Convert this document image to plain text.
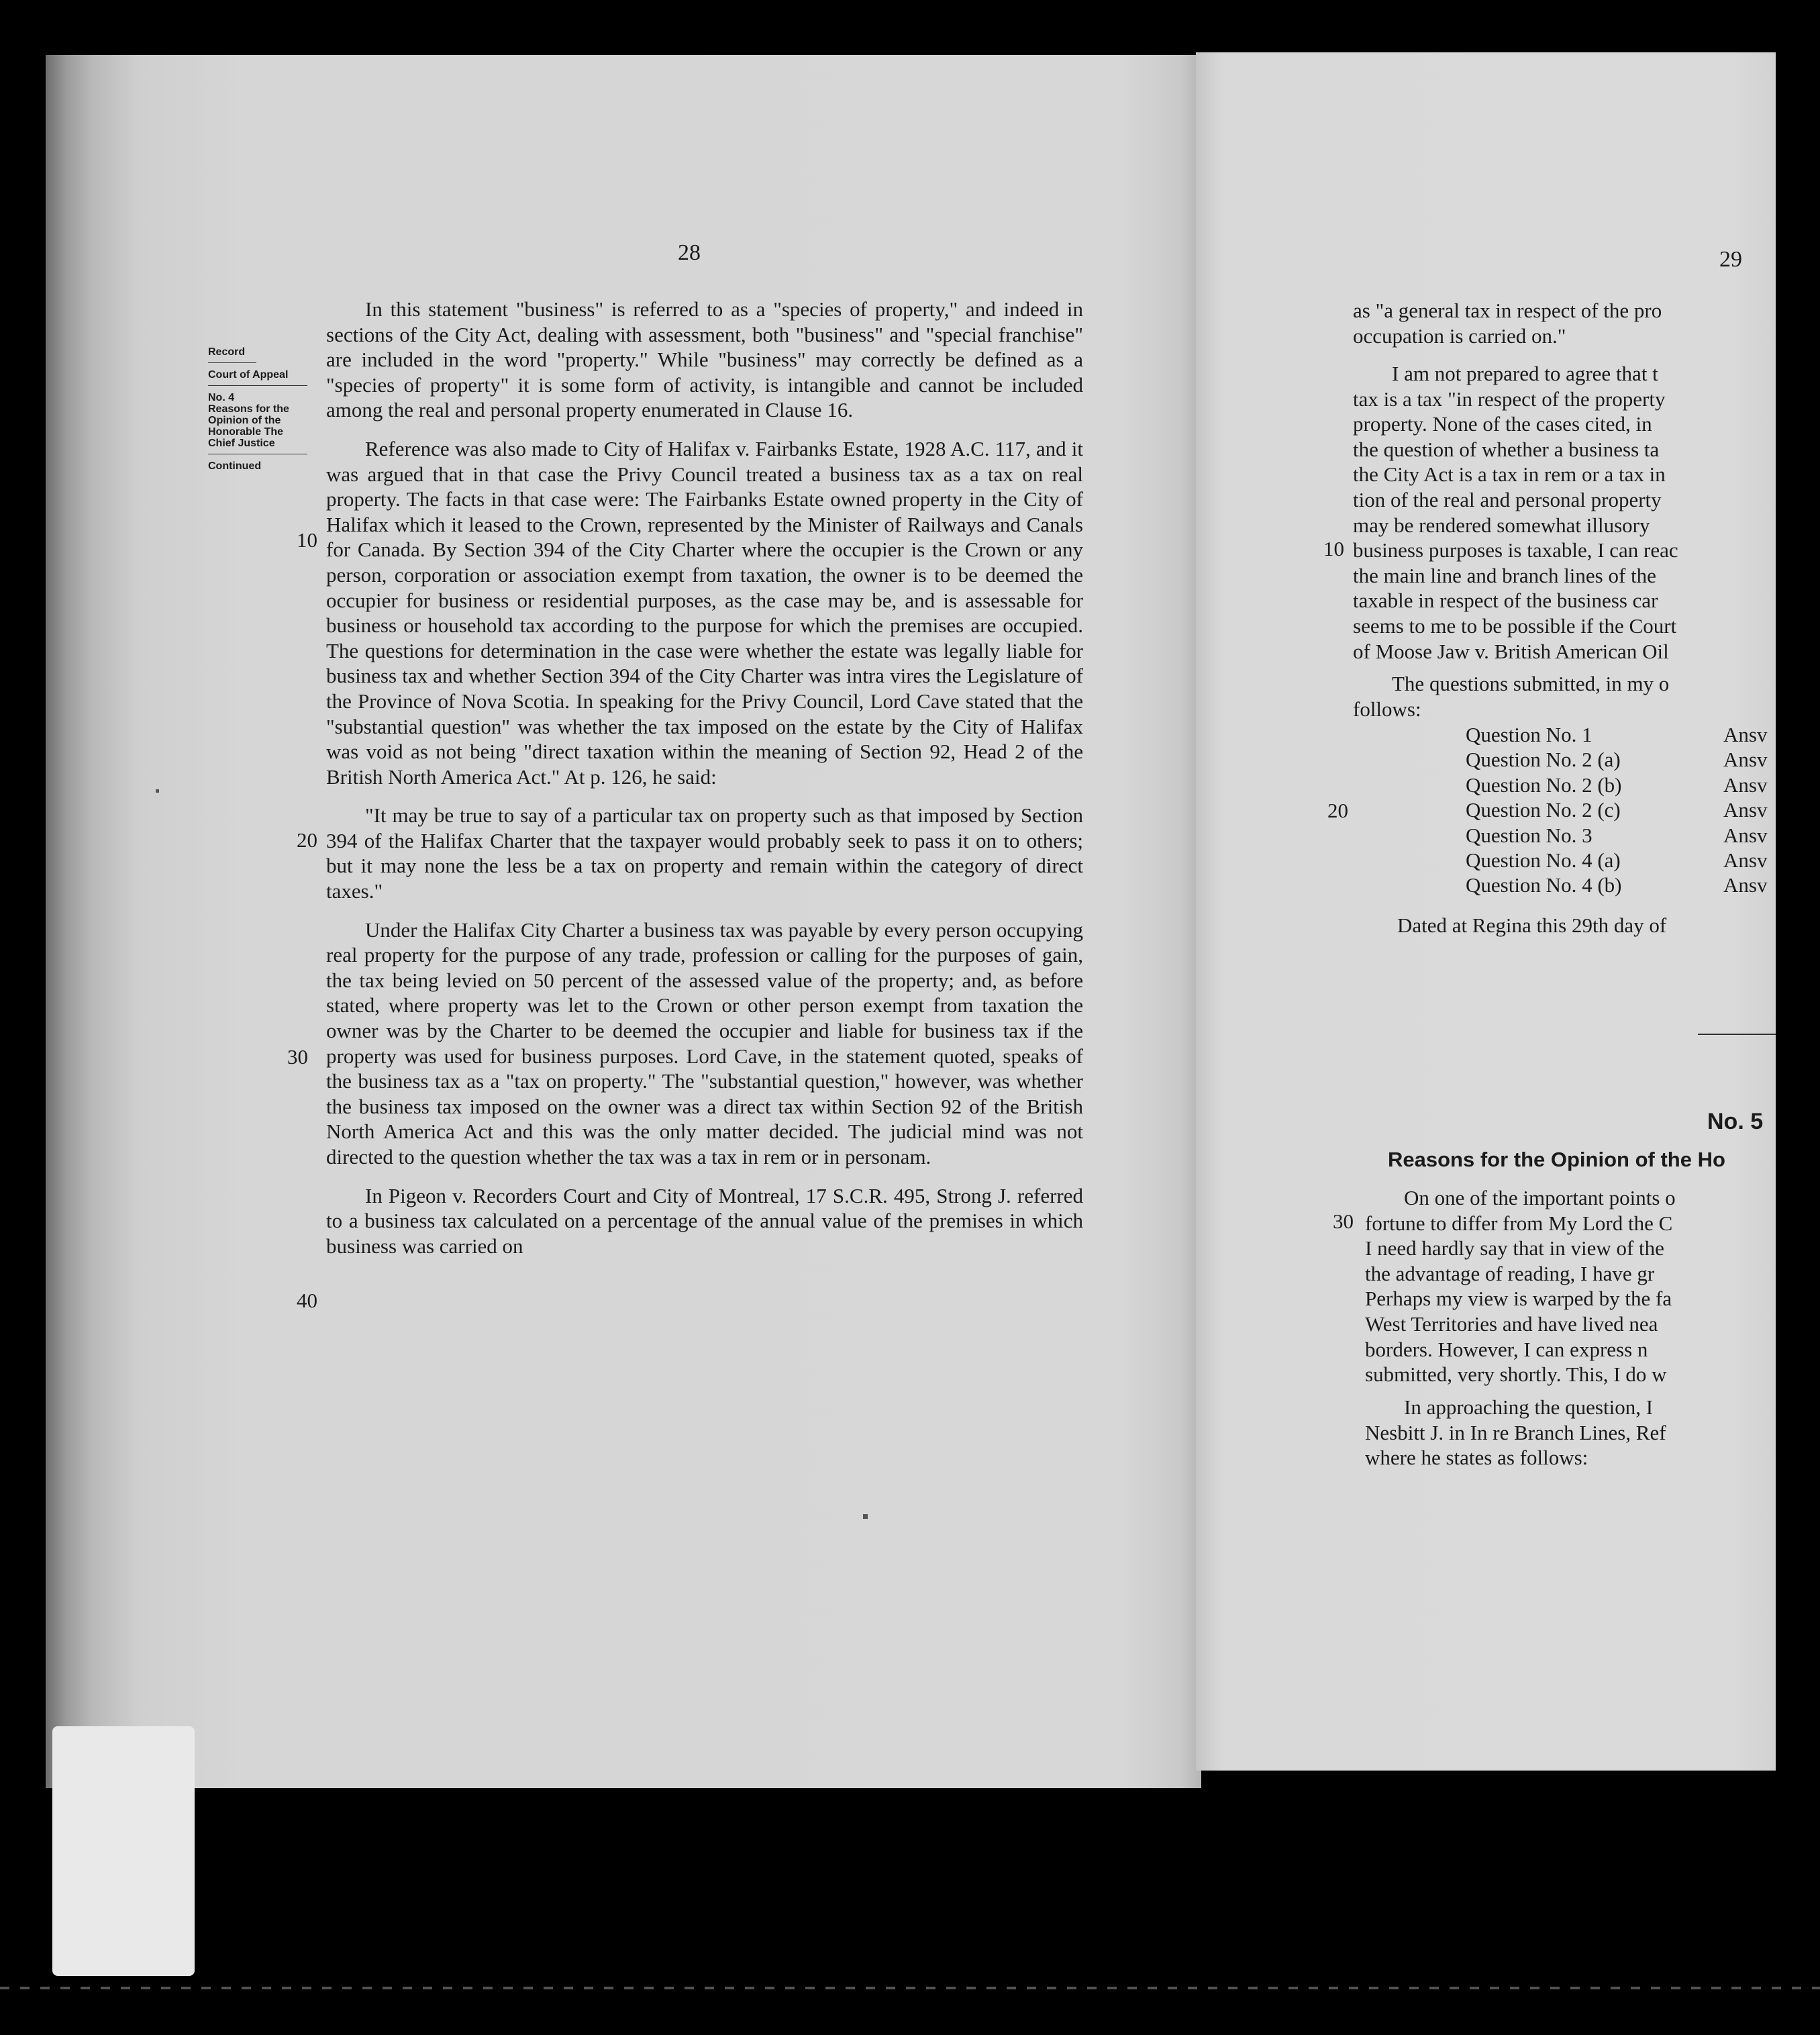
28
Record
Court of Appeal
No. 4
Reasons for the
Opinion of the
Honorable The
Chief Justice
Continued

In this statement "business" is referred to as a "species of property," and indeed in sections of the City Act, dealing with assessment, both "business" and "special franchise" are included in the word "property." While "business" may correctly be defined as a "species of property" it is some form of activity, is intangible and cannot be included among the real and personal property enumerated in Clause 16.

Reference was also made to City of Halifax v. Fairbanks Estate, 1928 A.C. 117, and it was argued that in that case the Privy Council treated a business tax as a tax on real property. The facts in that case were: The Fairbanks Estate owned property in the City of Halifax which it leased to the Crown, represented by the Minister of Railways and Canals for Canada. By Section 394 of the City Charter where the occupier is the Crown or any person, corporation or association exempt from taxation, the owner is to be deemed the occupier for business or residential purposes, as the case may be, and is assessable for business or household tax according to the purpose for which the premises are occupied. The questions for determination in the case were whether the estate was legally liable for business tax and whether Section 394 of the City Charter was intra vires the Legislature of the Province of Nova Scotia. In speaking for the Privy Council, Lord Cave stated that the "substantial question" was whether the tax imposed on the estate by the City of Halifax was void as not being "direct taxation within the meaning of Section 92, Head 2 of the British North America Act." At p. 126, he said:

"It may be true to say of a particular tax on property such as that imposed by Section 394 of the Halifax Charter that the taxpayer would probably seek to pass it on to others; but it may none the less be a tax on property and remain within the category of direct taxes."

Under the Halifax City Charter a business tax was payable by every person occupying real property for the purpose of any trade, profession or calling for the purposes of gain, the tax being levied on 50 percent of the assessed value of the property; and, as before stated, where property was let to the Crown or other person exempt from taxation the owner was by the Charter to be deemed the occupier and liable for business tax if the property was used for business purposes. Lord Cave, in the statement quoted, speaks of the business tax as a "tax on property." The "substantial question," however, was whether the business tax imposed on the owner was a direct tax within Section 92 of the British North America Act and this was the only matter decided. The judicial mind was not directed to the question whether the tax was a tax in rem or in personam.

In Pigeon v. Recorders Court and City of Montreal, 17 S.C.R. 495, Strong J. referred to a business tax calculated on a percentage of the annual value of the premises in which business was carried on

10
20
30
40
29
as "a general tax in respect of the pro
occupation is carried on."
I am not prepared to agree that t
tax is a tax "in respect of the property
property. None of the cases cited, in
the question of whether a business ta
the City Act is a tax in rem or a tax in
tion of the real and personal property
may be rendered somewhat illusory
business purposes is taxable, I can reac
the main line and branch lines of the
taxable in respect of the business car
seems to me to be possible if the Court
of Moose Jaw v. British American Oil
The questions submitted, in my o
follows:
Question No. 1	Ansv
Question No. 2 (a)	Ansv
Question No. 2 (b)	Ansv
Question No. 2 (c)	Ansv
Question No. 3	Ansv
Question No. 4 (a)	Ansv
Question No. 4 (b)	Ansv
Dated at Regina this 29th day of
No. 5
Reasons for the Opinion of the Ho
On one of the important points o
fortune to differ from My Lord the C
I need hardly say that in view of the
the advantage of reading, I have gr
Perhaps my view is warped by the fa
West Territories and have lived nea
borders. However, I can express n
submitted, very shortly. This, I do w
In approaching the question, I
Nesbitt J. in In re Branch Lines, Ref
where he states as follows:
10
20
30
